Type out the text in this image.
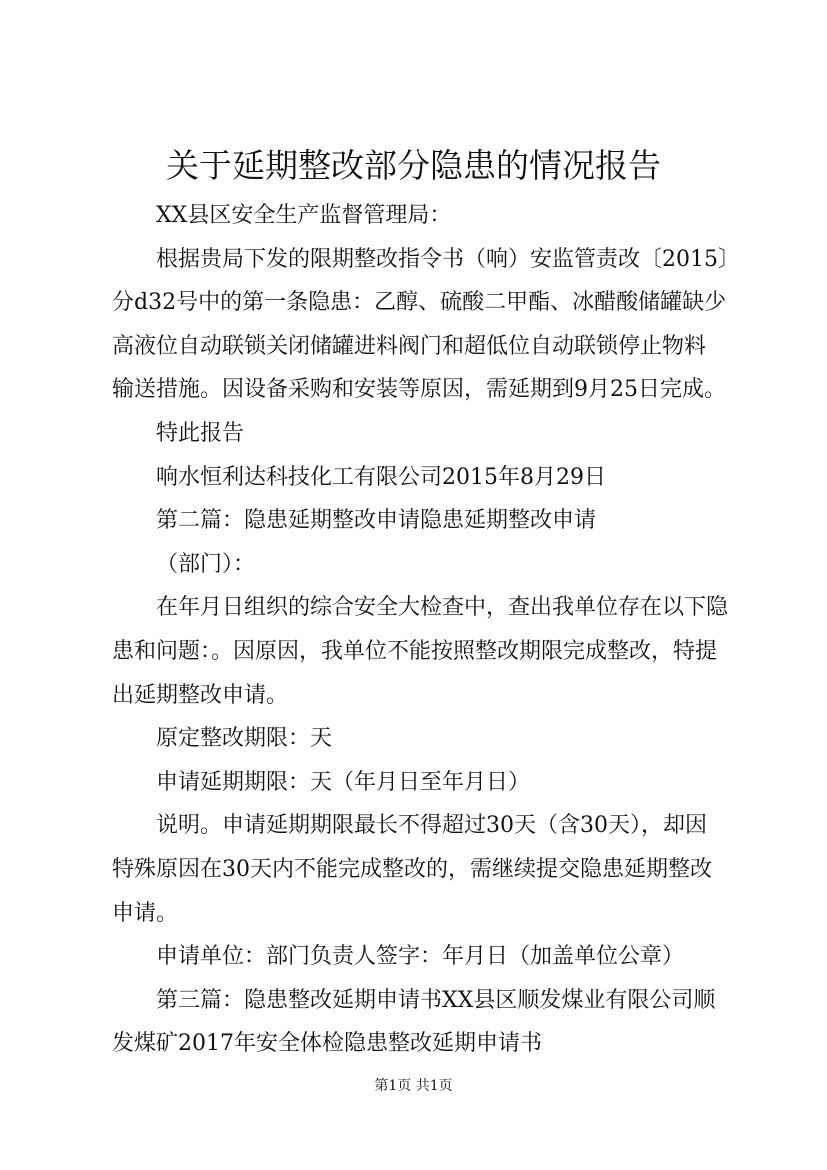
关于延期整改部分隐患的情况报告

XX县区安全生产监督管理局：

根据贵局下发的限期整改指令书（响）安监管责改〔2015〕

分d32号中的第一条隐患：乙醇、硫酸二甲酯、冰醋酸储罐缺少

高液位自动联锁关闭储罐进料阀门和超低位自动联锁停止物料

输送措施。因设备采购和安装等原因，需延期到9月25日完成。

特此报告

响水恒利达科技化工有限公司2015年8月29日

第二篇：隐患延期整改申请隐患延期整改申请

（部门）：

在年月日组织的综合安全大检查中，查出我单位存在以下隐

患和问题：。因原因，我单位不能按照整改期限完成整改，特提

出延期整改申请。

原定整改期限：天

申请延期期限：天（年月日至年月日）

说明。申请延期期限最长不得超过30天（含30天），却因

特殊原因在30天内不能完成整改的，需继续提交隐患延期整改

申请。

申请单位：部门负责人签字：年月日（加盖单位公章）

第三篇：隐患整改延期申请书XX县区顺发煤业有限公司顺

发煤矿2017年安全体检隐患整改延期申请书

第1页 共1页
